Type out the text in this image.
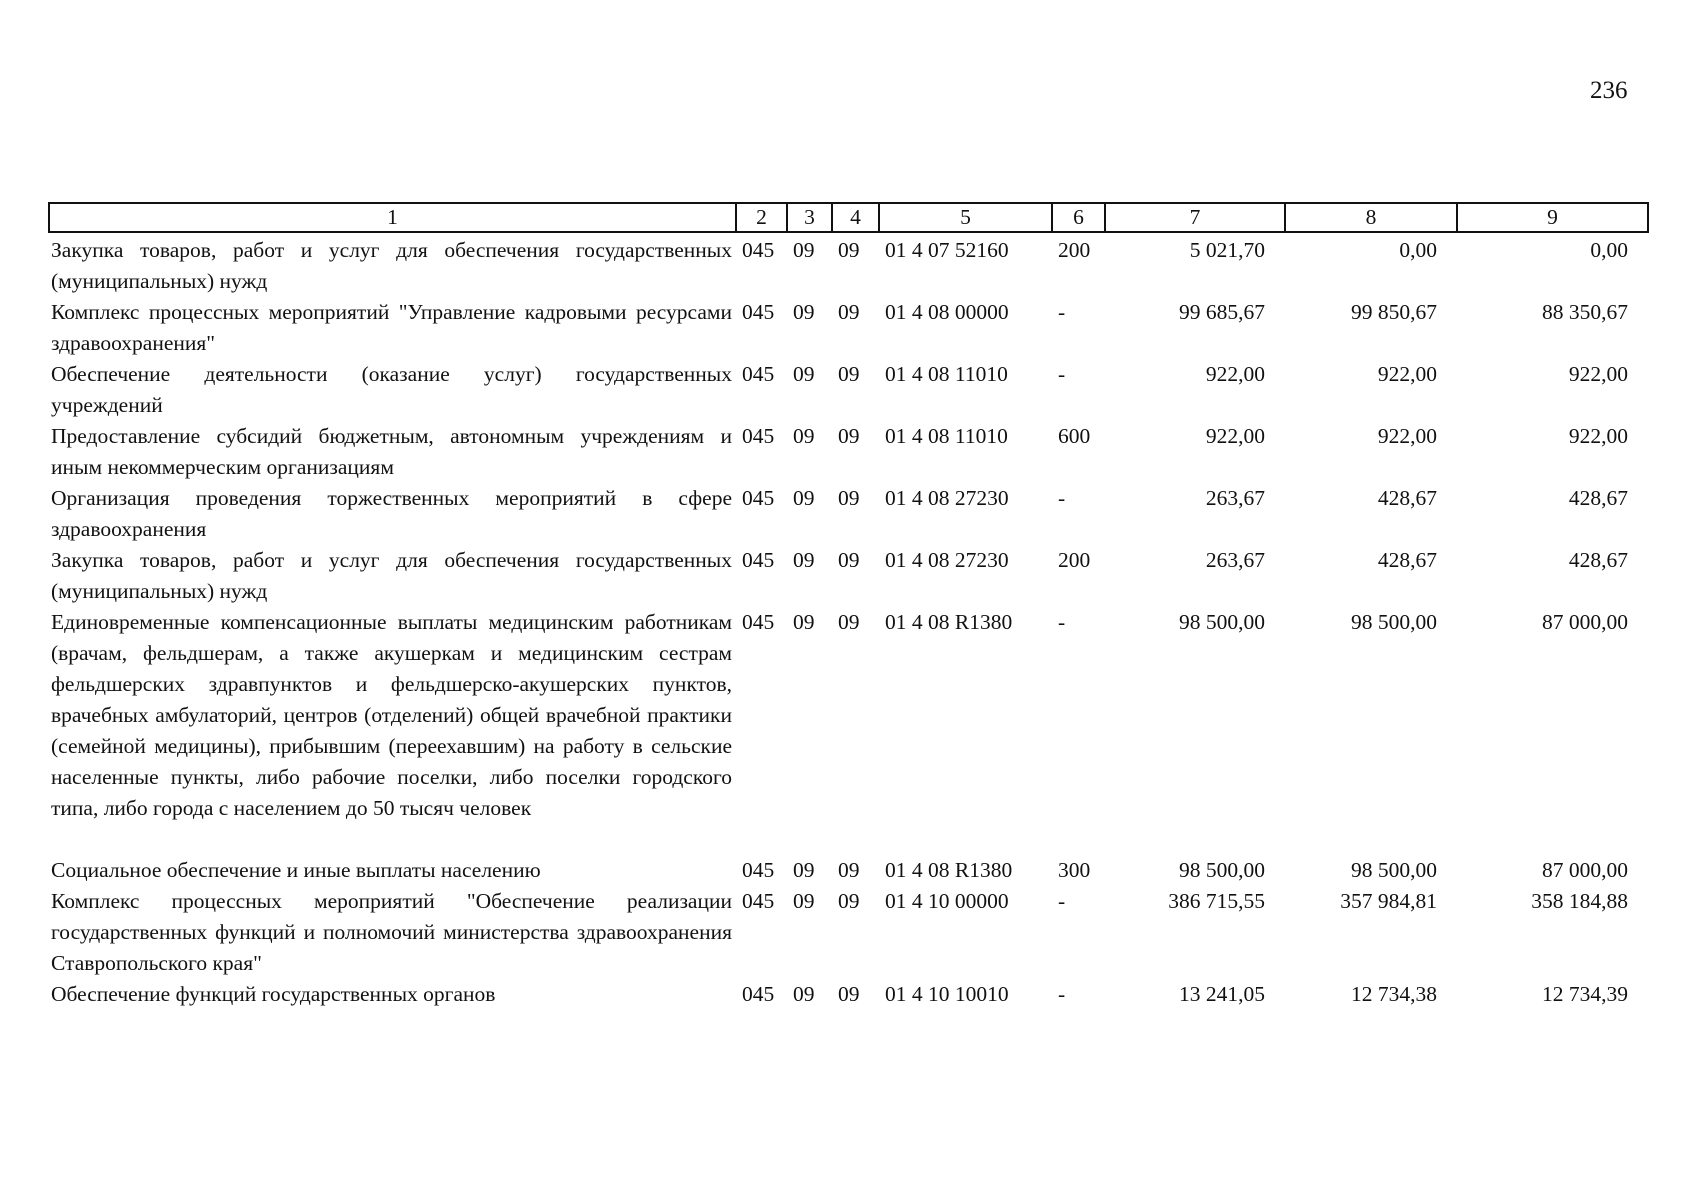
236
1	2	3	4	5	6	7	8	9
Закупка товаров, работ и услуг для обеспечения государственных (муниципальных) нужд	045	09	09	01 4 07 52160	200	5 021,70	0,00	0,00
Комплекс процессных мероприятий "Управление кадровыми ресурсами здравоохранения"	045	09	09	01 4 08 00000	-	99 685,67	99 850,67	88 350,67
Обеспечение деятельности (оказание услуг) государственных учреждений	045	09	09	01 4 08 11010	-	922,00	922,00	922,00
Предоставление субсидий бюджетным, автономным учреждениям и иным некоммерческим организациям	045	09	09	01 4 08 11010	600	922,00	922,00	922,00
Организация проведения торжественных мероприятий в сфере здравоохранения	045	09	09	01 4 08 27230	-	263,67	428,67	428,67
Закупка товаров, работ и услуг для обеспечения государственных (муниципальных) нужд	045	09	09	01 4 08 27230	200	263,67	428,67	428,67
Единовременные компенсационные выплаты медицинским работникам (врачам, фельдшерам, а также акушеркам и медицинским сестрам фельдшерских здравпунктов и фельдшерско-акушерских пунктов, врачебных амбулаторий, центров (отделений) общей врачебной практики (семейной медицины), прибывшим (переехавшим) на работу в сельские населенные пункты, либо рабочие поселки, либо поселки городского типа, либо города с населением до 50 тысяч человек	045	09	09	01 4 08 R1380	-	98 500,00	98 500,00	87 000,00

Социальное обеспечение и иные выплаты населению	045	09	09	01 4 08 R1380	300	98 500,00	98 500,00	87 000,00
Комплекс процессных мероприятий "Обеспечение реализации государственных функций и полномочий министерства здравоохранения Ставропольского края"	045	09	09	01 4 10 00000	-	386 715,55	357 984,81	358 184,88
Обеспечение функций государственных органов	045	09	09	01 4 10 10010	-	13 241,05	12 734,38	12 734,39
